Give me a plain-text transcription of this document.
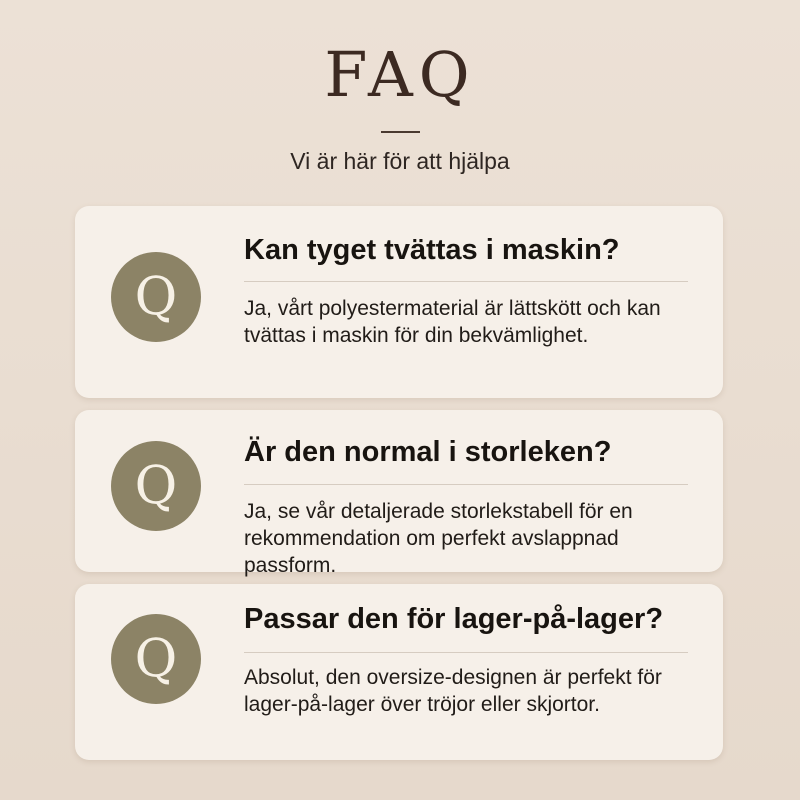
FAQ
Vi är här för att hjälpa
Q
Kan tyget tvättas i maskin?
Ja, vårt polyestermaterial är lättskött och kan tvättas i maskin för din bekvämlighet.
Q
Är den normal i storleken?
Ja, se vår detaljerade storlekstabell för en rekommendation om perfekt avslappnad passform.
Q
Passar den för lager-på-lager?
Absolut, den oversize-designen är perfekt för lager-på-lager över tröjor eller skjortor.
